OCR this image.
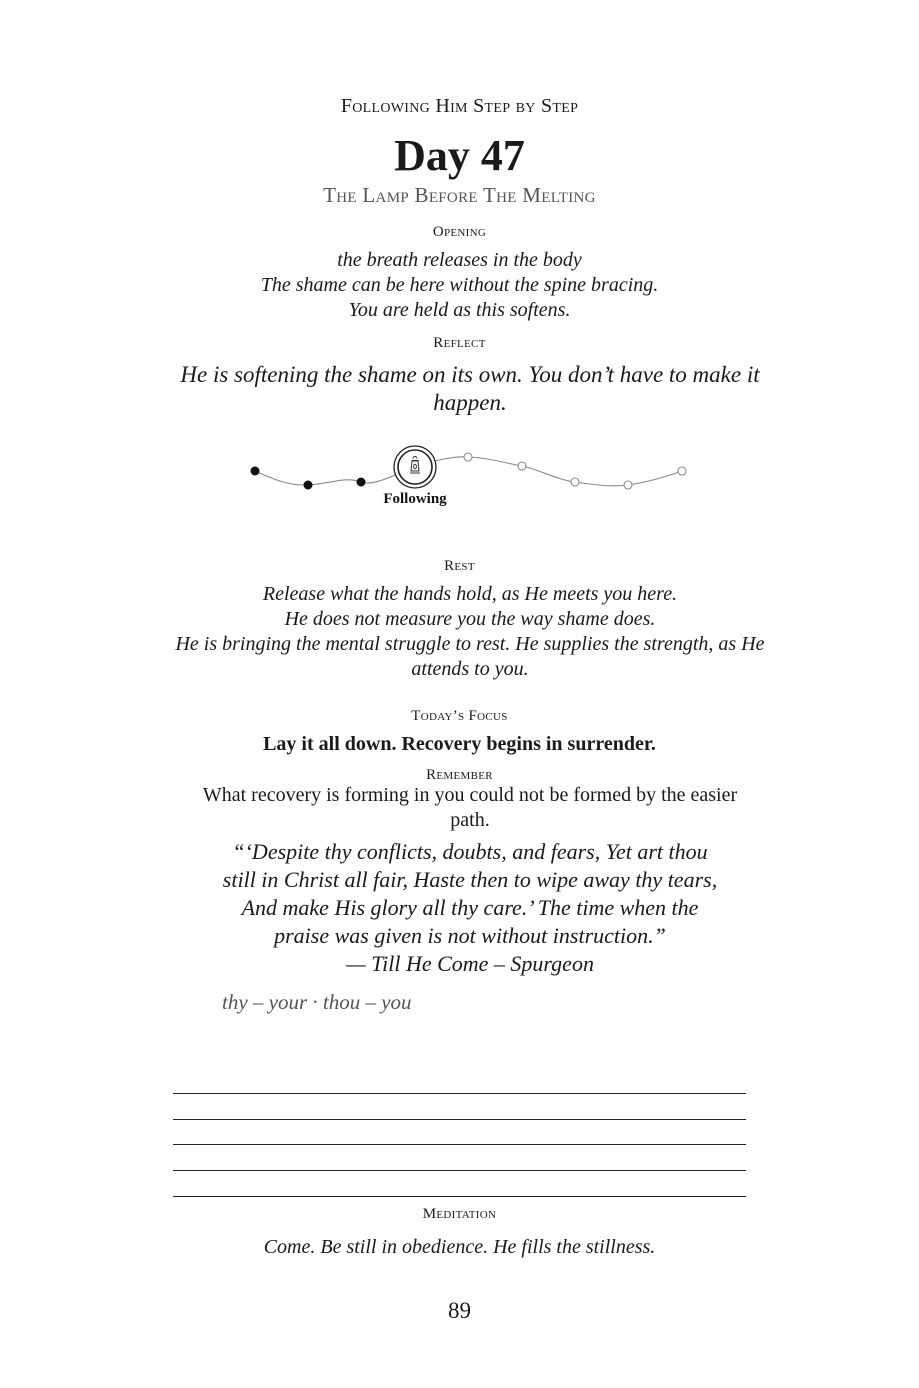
Following Him Step by Step
Day 47
The Lamp Before The Melting
Opening
the breath releases in the body
The shame can be here without the spine bracing.
You are held as this softens.
Reflect
He is softening the shame on its own. You don’t have to make it happen.
Following
Rest
Release what the hands hold, as He meets you here.
He does not measure you the way shame does.
He is bringing the mental struggle to rest. He supplies the strength, as He attends to you.
Today’s Focus
Lay it all down. Recovery begins in surrender.
Remember
What recovery is forming in you could not be formed by the easier path.
“‘Despite thy conflicts, doubts, and fears, Yet art thou still in Christ all fair, Haste then to wipe away thy tears, And make His glory all thy care.’ The time when the praise was given is not without instruction.”
— Till He Come – Spurgeon
thy – your · thou – you
Meditation
Come. Be still in obedience. He fills the stillness.
89
